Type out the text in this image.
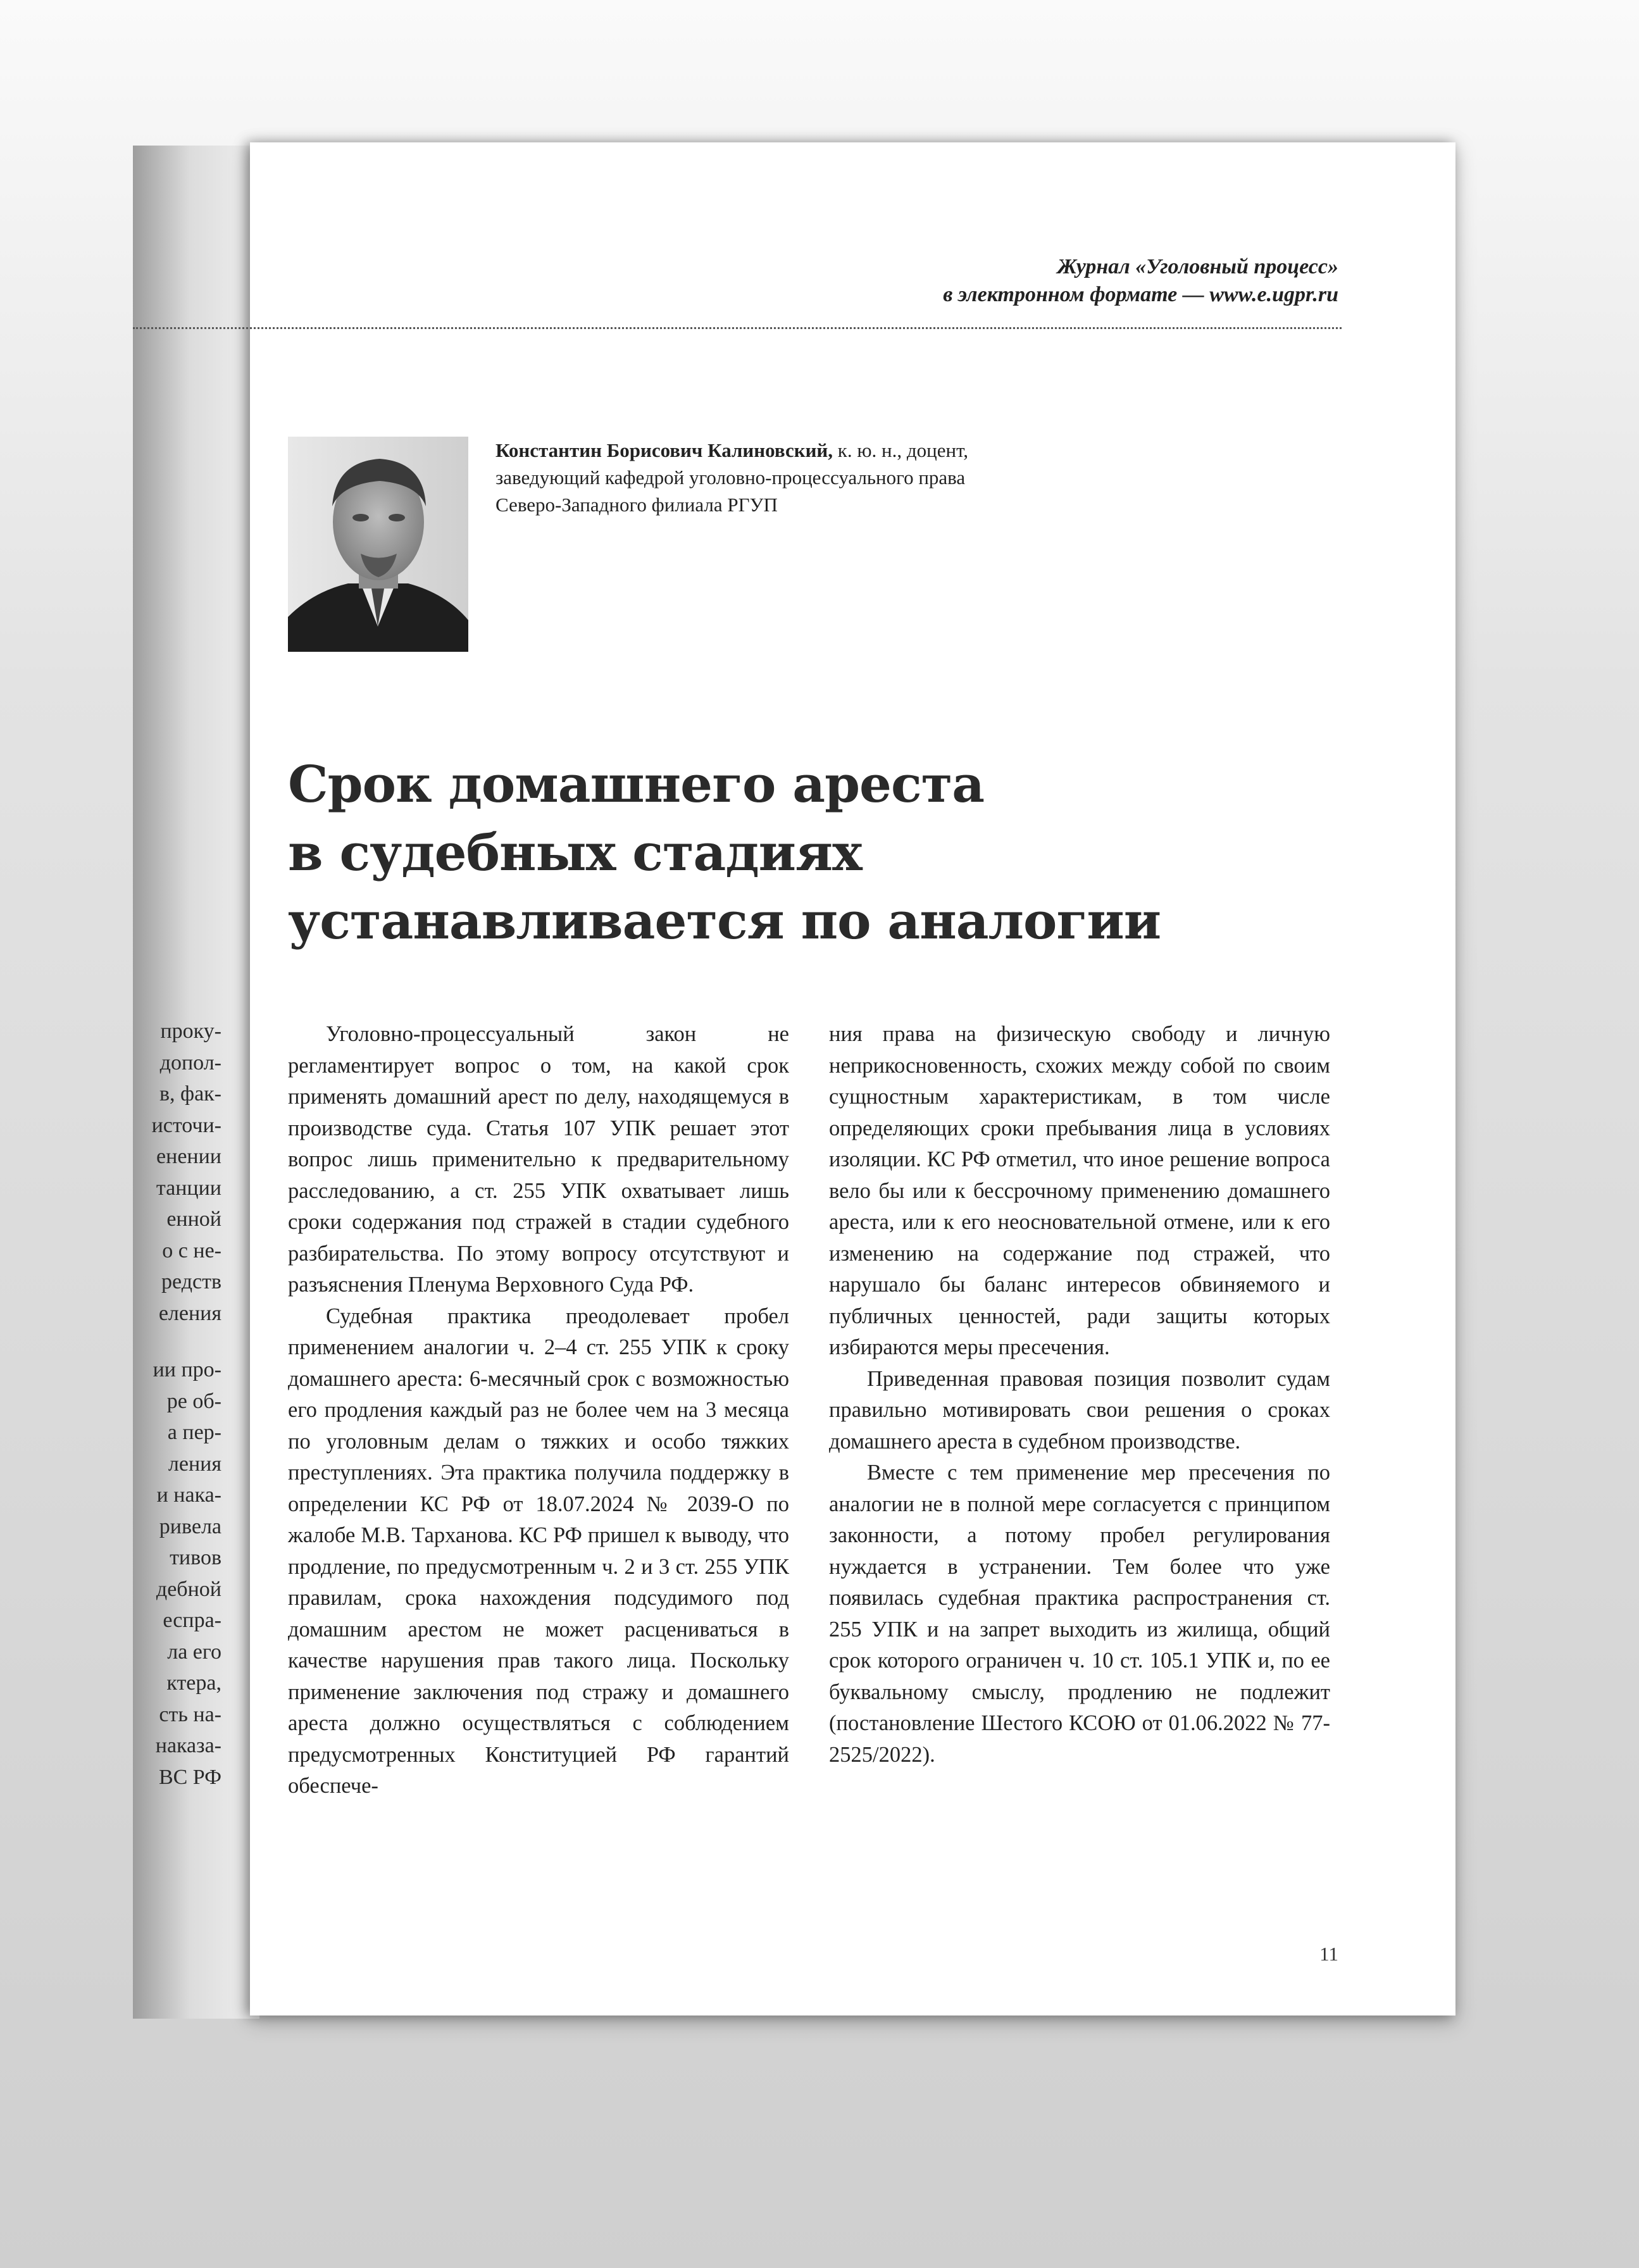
проку-
допол-
в, фак-
источи-
енении
танции
енной
о с не-
редств
еления
ии про-
ре об-
а пер-
ления
и нака-
ривела
тивов
дебной
еспра-
ла его
ктера,
сть на-
наказа-
ВС РФ
Журнал «Уголовный процесс»
в электронном формате — www.e.ugpr.ru
Константин Борисович Калиновский, к. ю. н., доцент,
заведующий кафедрой уголовно-процессуального права
Северо-Западного филиала РГУП
Срок домашнего ареста
в судебных стадиях
устанавливается по аналогии

Уголовно-процессуальный закон не регламентирует вопрос о том, на какой срок применять домашний арест по делу, находящемуся в производстве суда. Статья 107 УПК решает этот вопрос лишь применительно к предварительному расследованию, а ст. 255 УПК охватывает лишь сроки содержания под стражей в стадии судебного разбирательства. По этому вопросу отсутствуют и разъяснения Пленума Верховного Суда РФ.

Судебная практика преодолевает пробел применением аналогии ч. 2–4 ст. 255 УПК к сроку домашнего ареста: 6-месячный срок с возможностью его продления каждый раз не более чем на 3 месяца по уголовным делам о тяжких и особо тяжких преступлениях. Эта практика получила поддержку в определении КС РФ от 18.07.2024 № 2039-О по жалобе М.В. Тарханова. КС РФ пришел к выводу, что продление, по предусмотренным ч. 2 и 3 ст. 255 УПК правилам, срока нахождения подсудимого под домашним арестом не может расцениваться в качестве нарушения прав такого лица. Поскольку применение заключения под стражу и домашнего ареста должно осуществляться с соблюдением предусмотренных Конституцией РФ гарантий обеспече-

ния права на физическую свободу и личную неприкосновенность, схожих между собой по своим сущностным характеристикам, в том числе определяющих сроки пребывания лица в условиях изоляции. КС РФ отметил, что иное решение вопроса вело бы или к бессрочному применению домашнего ареста, или к его неосновательной отмене, или к его изменению на содержание под стражей, что нарушало бы баланс интересов обвиняемого и публичных ценностей, ради защиты которых избираются меры пресечения.

Приведенная правовая позиция позволит судам правильно мотивировать свои решения о сроках домашнего ареста в судебном производстве.

Вместе с тем применение мер пресечения по аналогии не в полной мере согласуется с принципом законности, а потому пробел регулирования нуждается в устранении. Тем более что уже появилась судебная практика распространения ст. 255 УПК и на запрет выходить из жилища, общий срок которого ограничен ч. 10 ст. 105.1 УПК и, по ее буквальному смыслу, продлению не подлежит (постановление Шестого КСОЮ от 01.06.2022 № 77-2525/2022).

11
